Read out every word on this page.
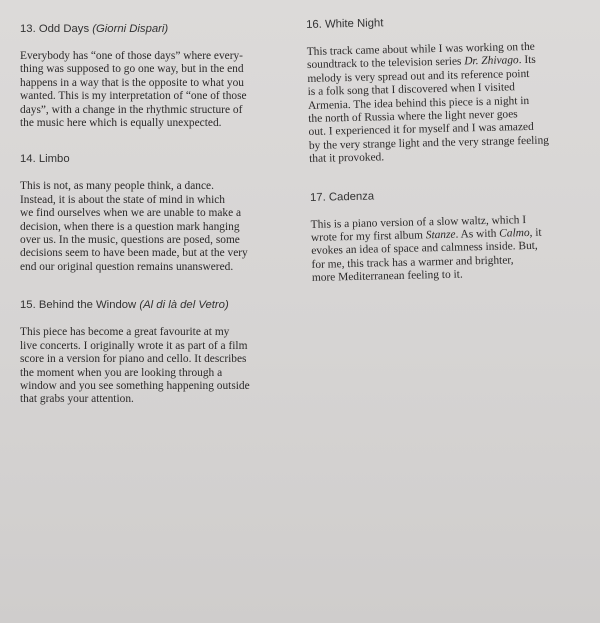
13. Odd Days (Giorni Dispari)

Everybody has “one of those days” where every-
thing was supposed to go one way, but in the end
happens in a way that is the opposite to what you
wanted. This is my interpretation of “one of those
days”, with a change in the rhythmic structure of
the music here which is equally unexpected.

14. Limbo

This is not, as many people think, a dance.
Instead, it is about the state of mind in which
we find ourselves when we are unable to make a
decision, when there is a question mark hanging
over us. In the music, questions are posed, some
decisions seem to have been made, but at the very
end our original question remains unanswered.

15. Behind the Window (Al di là del Vetro)

This piece has become a great favourite at my
live concerts. I originally wrote it as part of a film
score in a version for piano and cello. It describes
the moment when you are looking through a
window and you see something happening outside
that grabs your attention.

16. White Night

This track came about while I was working on the
soundtrack to the television series Dr. Zhivago. Its
melody is very spread out and its reference point
is a folk song that I discovered when I visited
Armenia. The idea behind this piece is a night in
the north of Russia where the light never goes
out. I experienced it for myself and I was amazed
by the very strange light and the very strange feeling
that it provoked.

17. Cadenza

This is a piano version of a slow waltz, which I
wrote for my first album Stanze. As with Calmo, it
evokes an idea of space and calmness inside. But,
for me, this track has a warmer and brighter,
more Mediterranean feeling to it.
